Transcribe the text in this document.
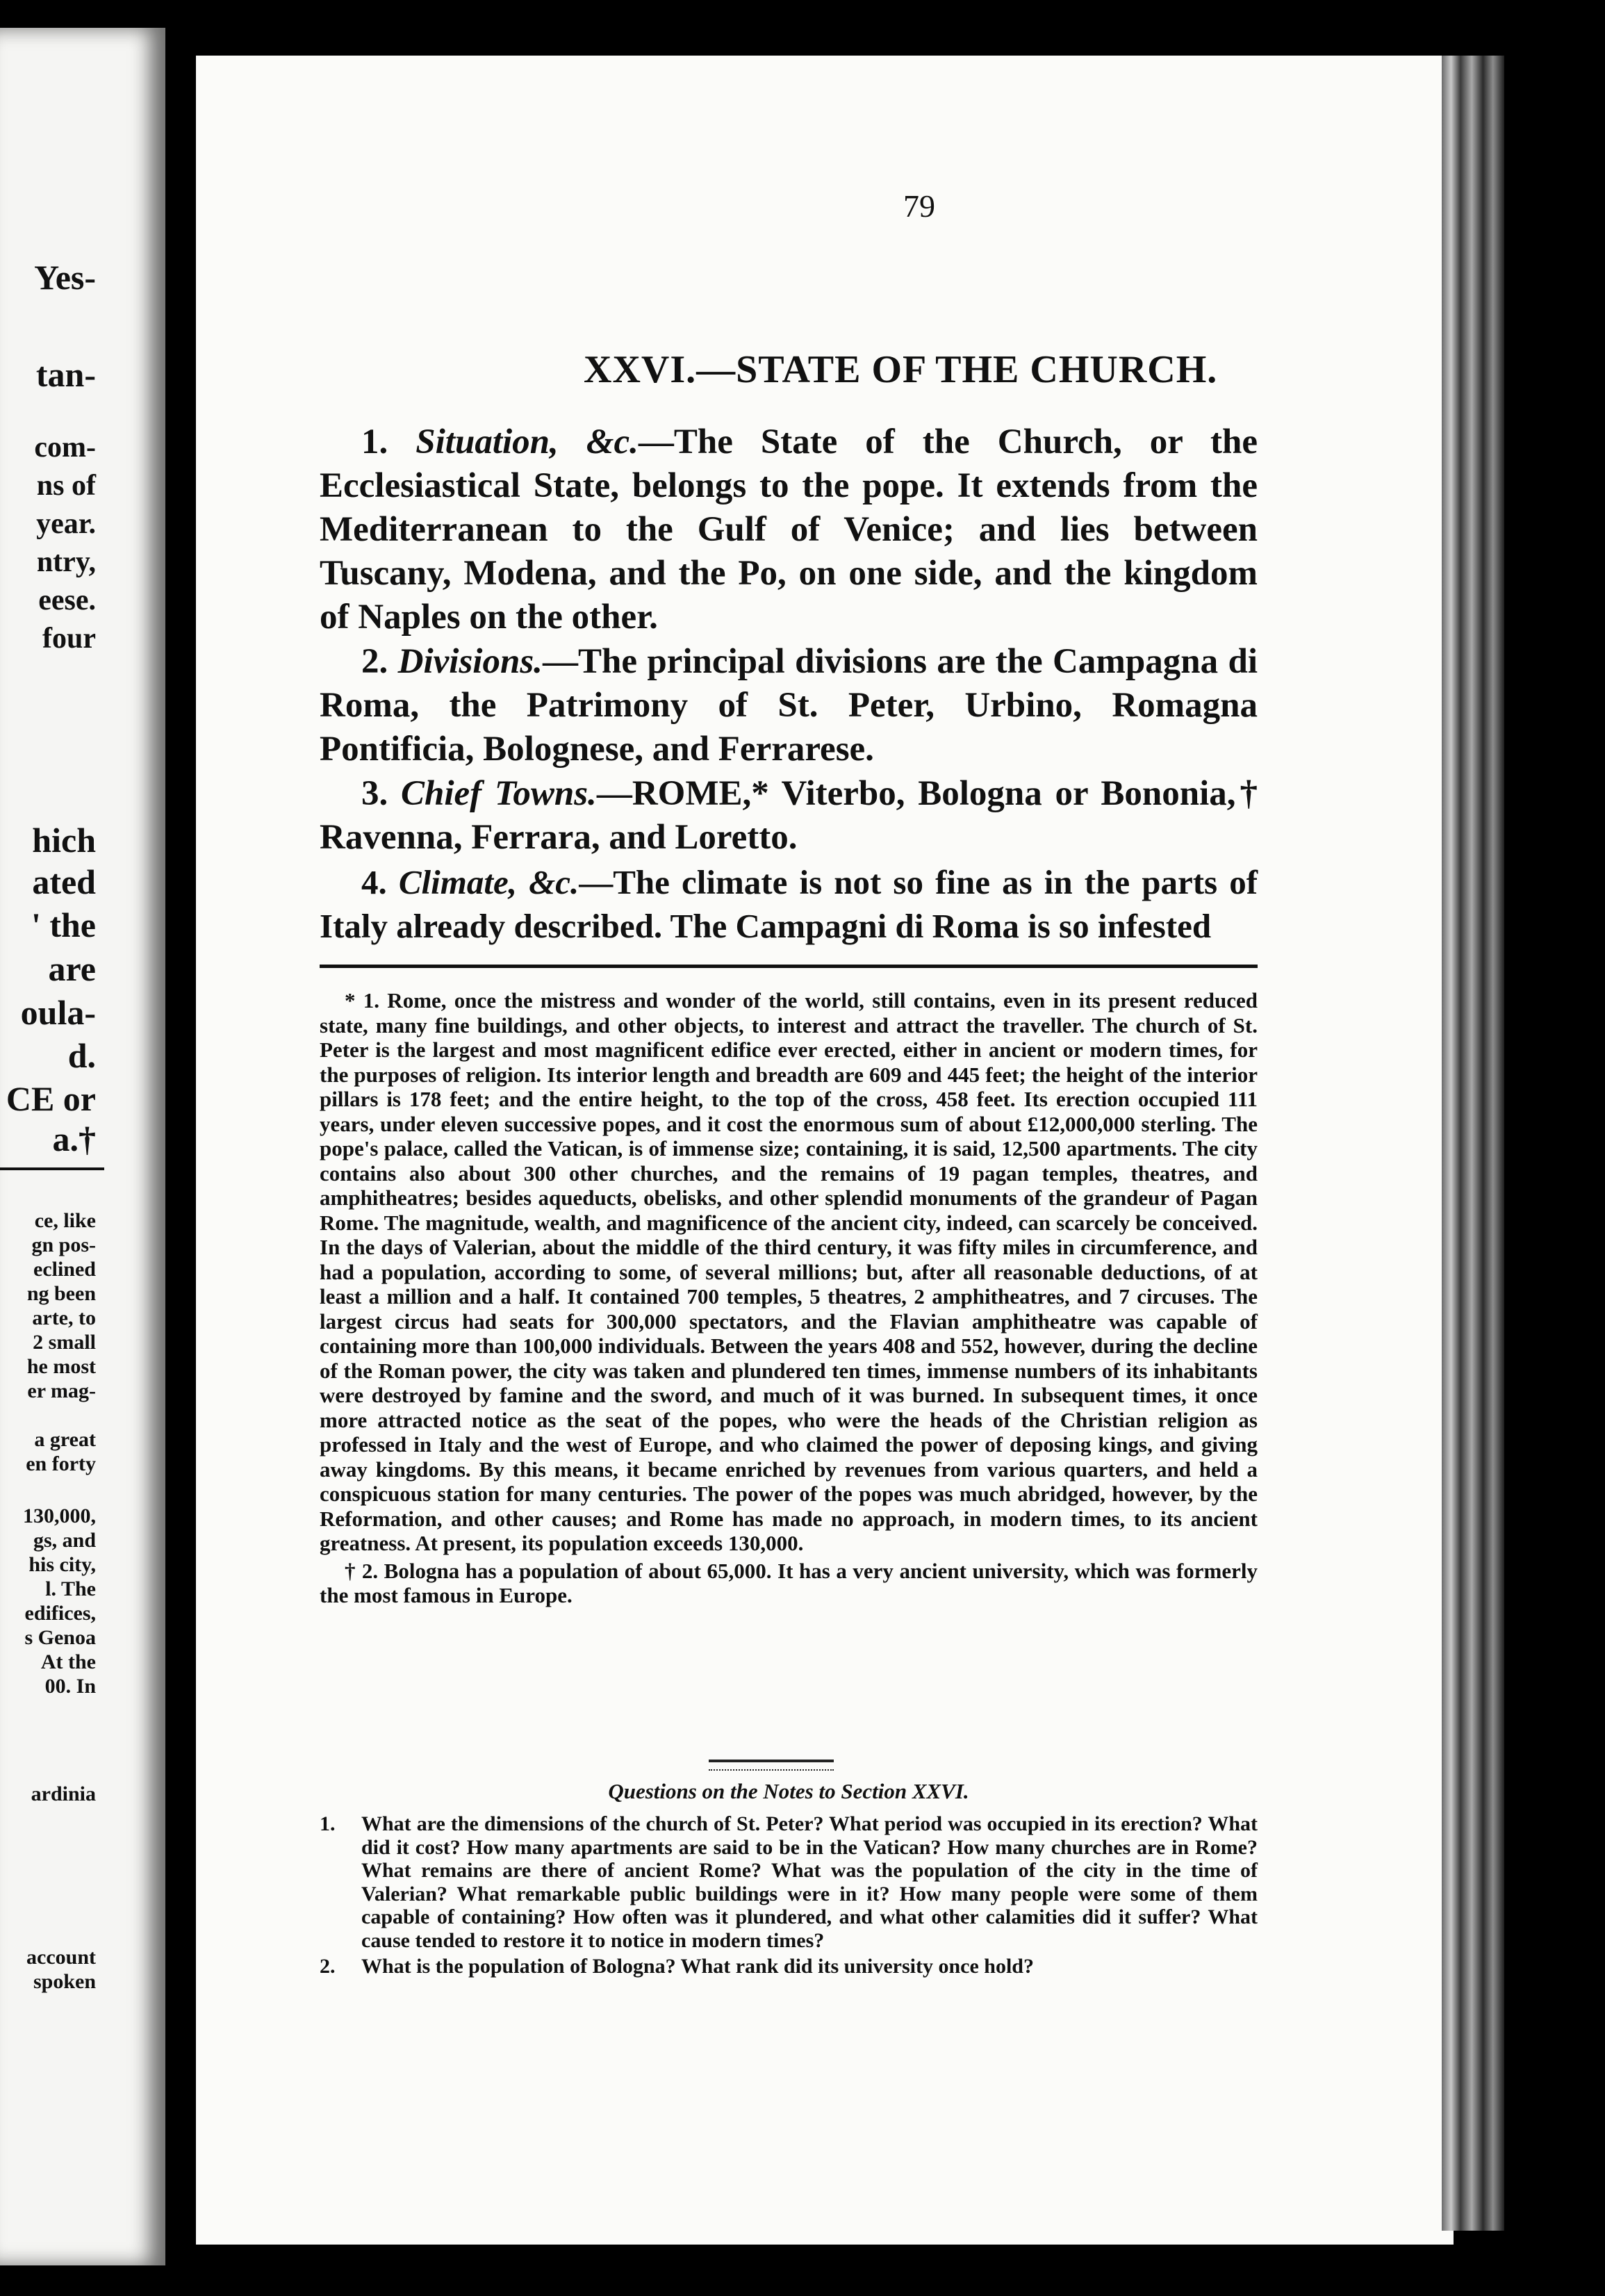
Yes-
tan-
com-
ns of
year.
ntry,
eese.
four
hich
ated
' the
are
oula-
d.
CE or
a.†
ce, like
gn pos-
eclined
ng been
arte, to
2 small
he most
er mag-
a great
en forty
130,000,
gs, and
his city,
l. The
edifices,
s Genoa
At the
00. In
ardinia
account
spoken
79
XXVI.—STATE OF THE CHURCH.

1. Situation, &c.—The State of the Church, or the Ecclesiastical State, belongs to the pope. It extends from the Mediterranean to the Gulf of Venice; and lies between Tuscany, Modena, and the Po, on one side, and the kingdom of Naples on the other.

2. Divisions.—The principal divisions are the Campagna di Roma, the Patrimony of St. Peter, Urbino, Romagna Pontificia, Bolognese, and Ferrarese.

3. Chief Towns.—ROME,* Viterbo, Bologna or Bononia,† Ravenna, Ferrara, and Loretto.

4. Climate, &c.—The climate is not so fine as in the parts of Italy already described. The Campagni di Roma is so infested

* 1. Rome, once the mistress and wonder of the world, still contains, even in its present reduced state, many fine buildings, and other objects, to interest and attract the traveller. The church of St. Peter is the largest and most magnificent edifice ever erected, either in ancient or modern times, for the purposes of religion. Its interior length and breadth are 609 and 445 feet; the height of the interior pillars is 178 feet; and the entire height, to the top of the cross, 458 feet. Its erection occupied 111 years, under eleven successive popes, and it cost the enormous sum of about £12,000,000 sterling. The pope's palace, called the Vatican, is of immense size; containing, it is said, 12,500 apartments. The city contains also about 300 other churches, and the remains of 19 pagan temples, theatres, and amphitheatres; besides aqueducts, obelisks, and other splendid monuments of the grandeur of Pagan Rome. The magnitude, wealth, and magnificence of the ancient city, indeed, can scarcely be conceived. In the days of Valerian, about the middle of the third century, it was fifty miles in circumference, and had a population, according to some, of several millions; but, after all reasonable deductions, of at least a million and a half. It contained 700 temples, 5 theatres, 2 amphitheatres, and 7 circuses. The largest circus had seats for 300,000 spectators, and the Flavian amphitheatre was capable of containing more than 100,000 individuals. Between the years 408 and 552, however, during the decline of the Roman power, the city was taken and plundered ten times, immense numbers of its inhabitants were destroyed by famine and the sword, and much of it was burned. In subsequent times, it once more attracted notice as the seat of the popes, who were the heads of the Christian religion as professed in Italy and the west of Europe, and who claimed the power of deposing kings, and giving away kingdoms. By this means, it became enriched by revenues from various quarters, and held a conspicuous station for many centuries. The power of the popes was much abridged, however, by the Reformation, and other causes; and Rome has made no approach, in modern times, to its ancient greatness. At present, its population exceeds 130,000.

† 2. Bologna has a population of about 65,000. It has a very ancient university, which was formerly the most famous in Europe.

Questions on the Notes to Section XXVI.
1. What are the dimensions of the church of St. Peter? What period was occupied in its erection? What did it cost? How many apartments are said to be in the Vatican? How many churches are in Rome? What remains are there of ancient Rome? What was the population of the city in the time of Valerian? What remarkable public buildings were in it? How many people were some of them capable of containing? How often was it plundered, and what other calamities did it suffer? What cause tended to restore it to notice in modern times?
2. What is the population of Bologna? What rank did its university once hold?
